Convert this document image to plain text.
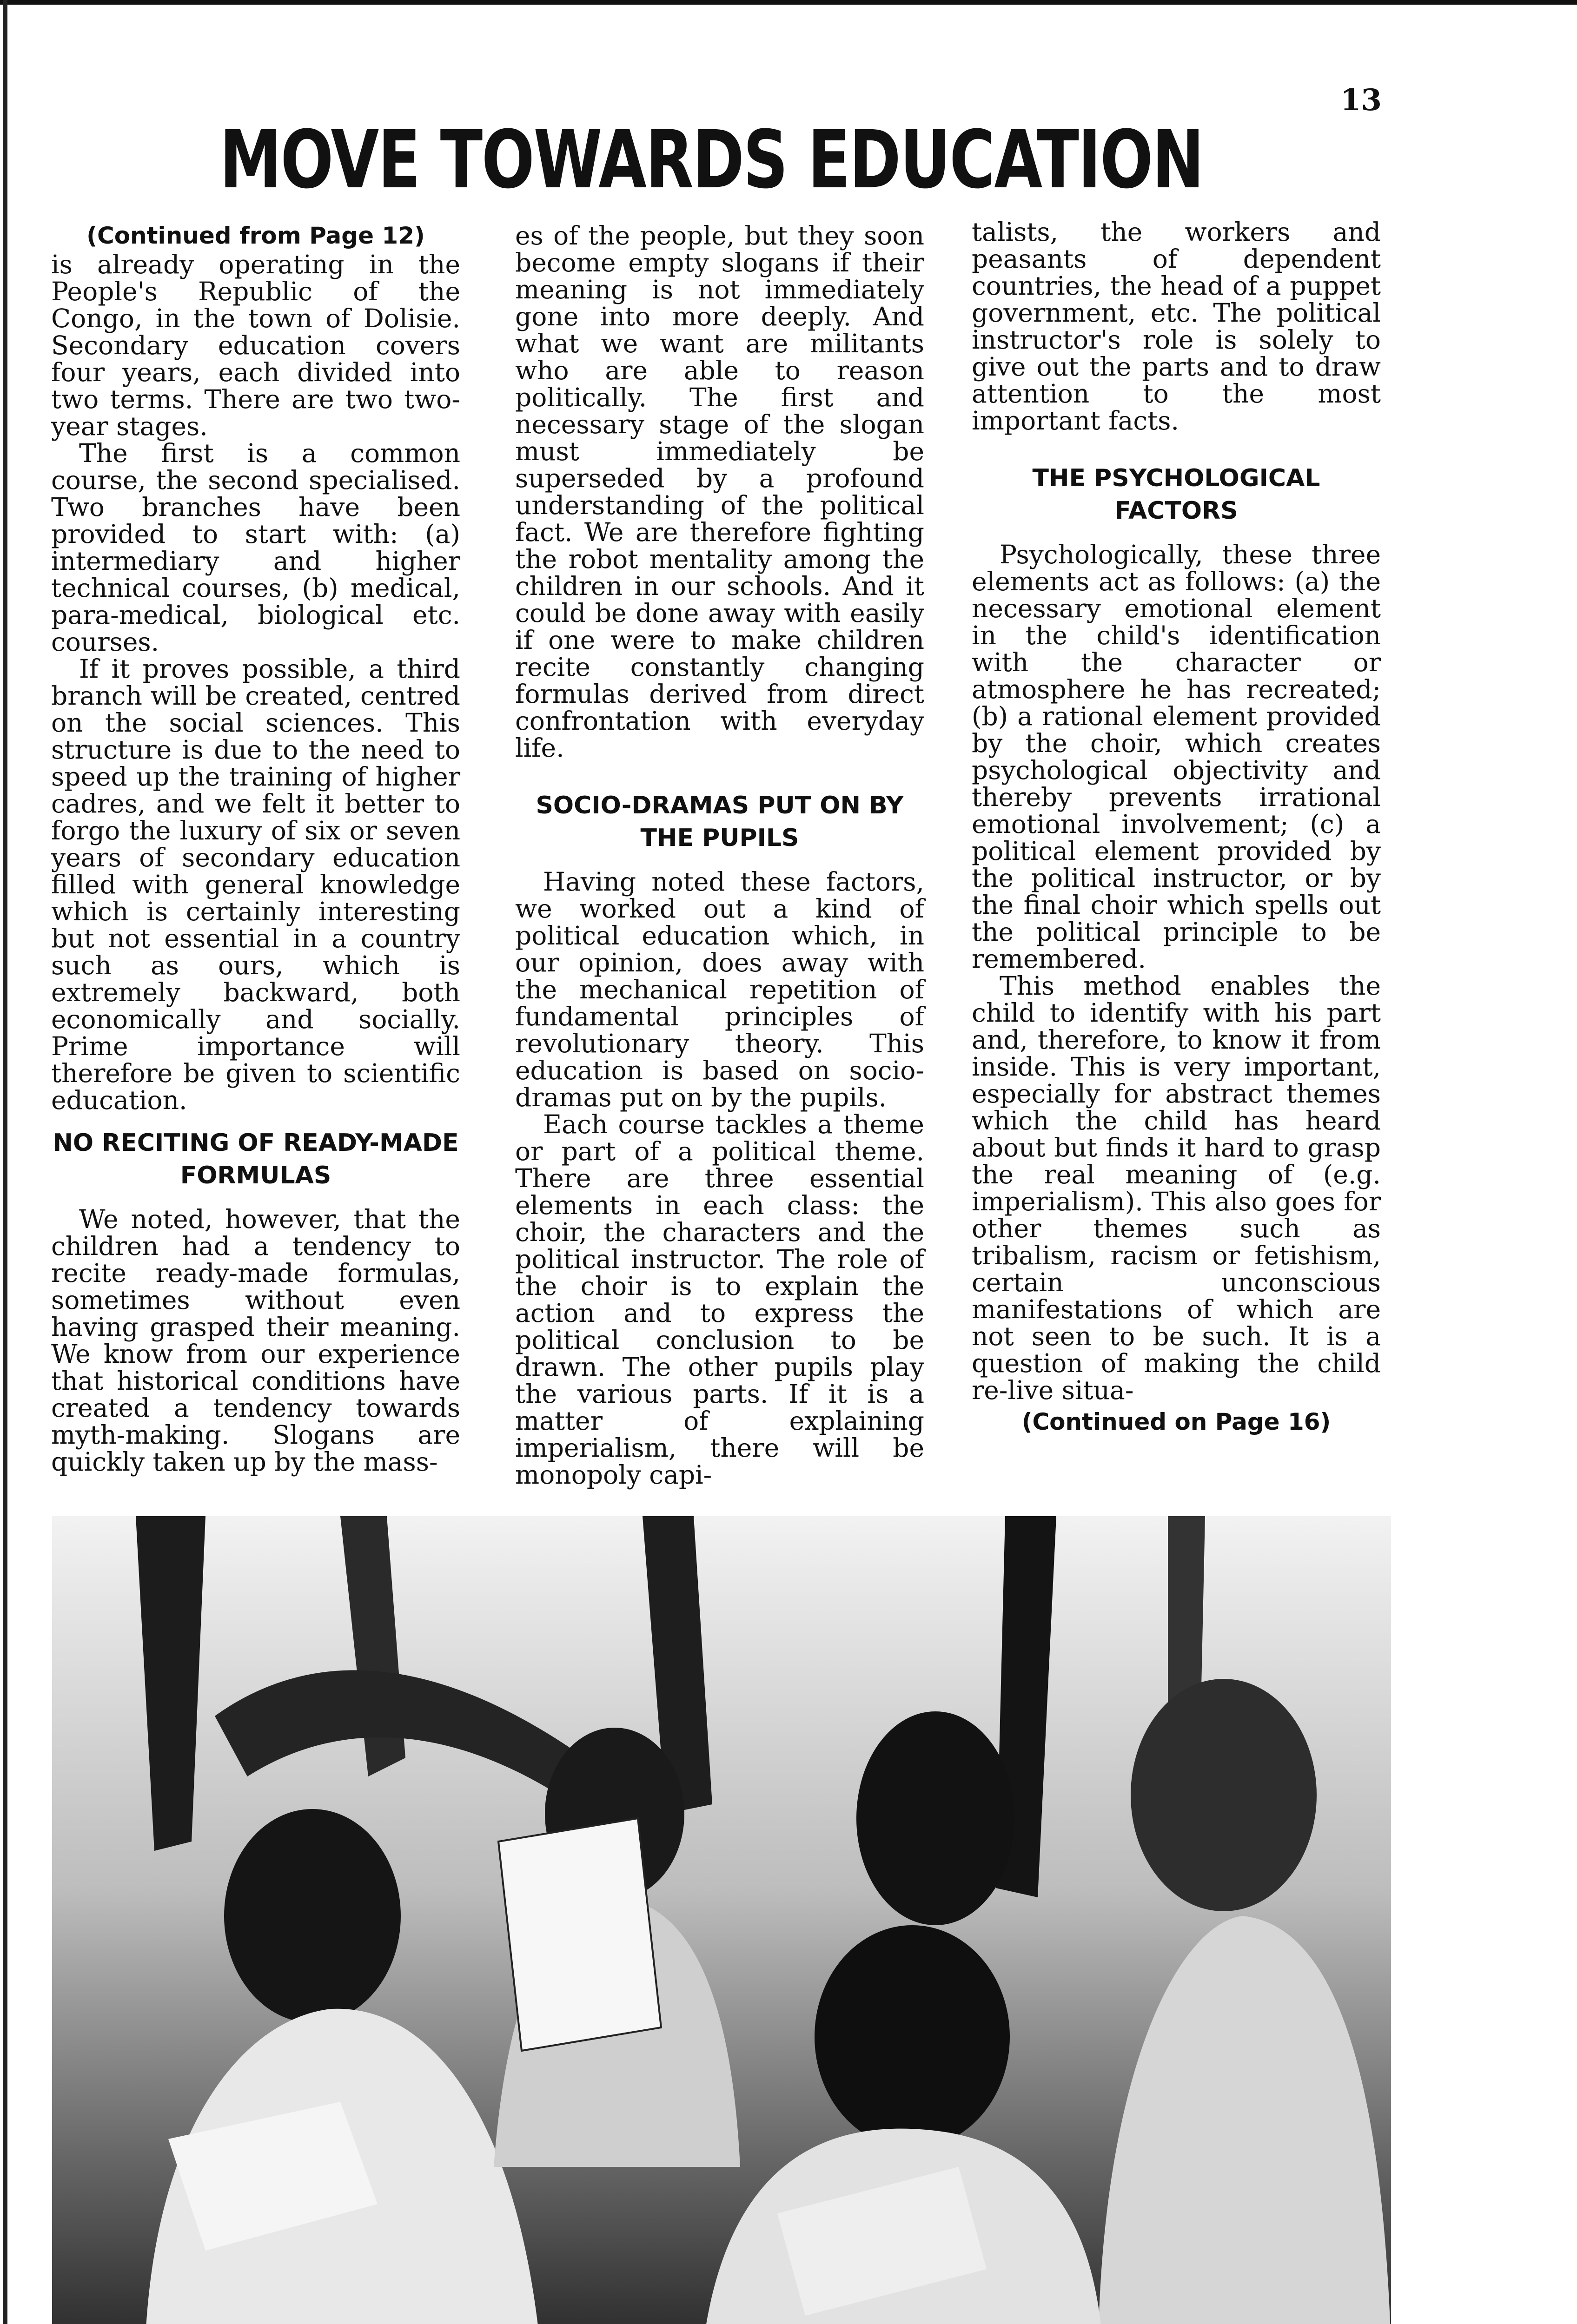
13
MOVE TOWARDS EDUCATION
(Continued from Page 12)

is already operating in the People's Republic of the Congo, in the town of Dolisie. Secondary education covers four years, each divided into two terms. There are two two-year stages.

The first is a common course, the second specialised. Two branches have been provided to start with: (a) intermediary and higher technical courses, (b) medical, para-medical, biological etc. courses.

If it proves possible, a third branch will be created, centred on the social sciences. This structure is due to the need to speed up the training of higher cadres, and we felt it better to forgo the luxury of six or seven years of secondary education filled with general knowledge which is certainly interesting but not essential in a country such as ours, which is extremely backward, both economically and socially. Prime importance will therefore be given to scientific education.

NO RECITING OF READY-MADE FORMULAS

We noted, however, that the children had a tendency to recite ready-made formulas, sometimes without even having grasped their meaning. We know from our experience that historical conditions have created a tendency towards myth-making. Slogans are quickly taken up by the mass-

es of the people, but they soon become empty slogans if their meaning is not immediately gone into more deeply. And what we want are militants who are able to reason politically. The first and necessary stage of the slogan must immediately be superseded by a profound understanding of the political fact. We are therefore fighting the robot mentality among the children in our schools. And it could be done away with easily if one were to make children recite constantly changing formulas derived from direct confrontation with everyday life.

SOCIO-DRAMAS PUT ON BY THE PUPILS

Having noted these factors, we worked out a kind of political education which, in our opinion, does away with the mechanical repetition of fundamental principles of revolutionary theory. This education is based on socio-dramas put on by the pupils.

Each course tackles a theme or part of a political theme. There are three essential elements in each class: the choir, the characters and the political instructor. The role of the choir is to explain the action and to express the political conclusion to be drawn. The other pupils play the various parts. If it is a matter of explaining imperialism, there will be monopoly capi-

talists, the workers and peasants of dependent countries, the head of a puppet government, etc. The political instructor's role is solely to give out the parts and to draw attention to the most important facts.

THE PSYCHOLOGICAL FACTORS

Psychologically, these three elements act as follows: (a) the necessary emotional element in the child's identification with the character or atmosphere he has recreated; (b) a rational element provided by the choir, which creates psychological objectivity and thereby prevents irrational emotional involvement; (c) a political element provided by the political instructor, or by the final choir which spells out the political principle to be remembered.

This method enables the child to identify with his part and, therefore, to know it from inside. This is very important, especially for abstract themes which the child has heard about but finds it hard to grasp the real meaning of (e.g. imperialism). This also goes for other themes such as tribalism, racism or fetishism, certain unconscious manifestations of which are not seen to be such. It is a question of making the child re-live situa-

(Continued on Page 16)
